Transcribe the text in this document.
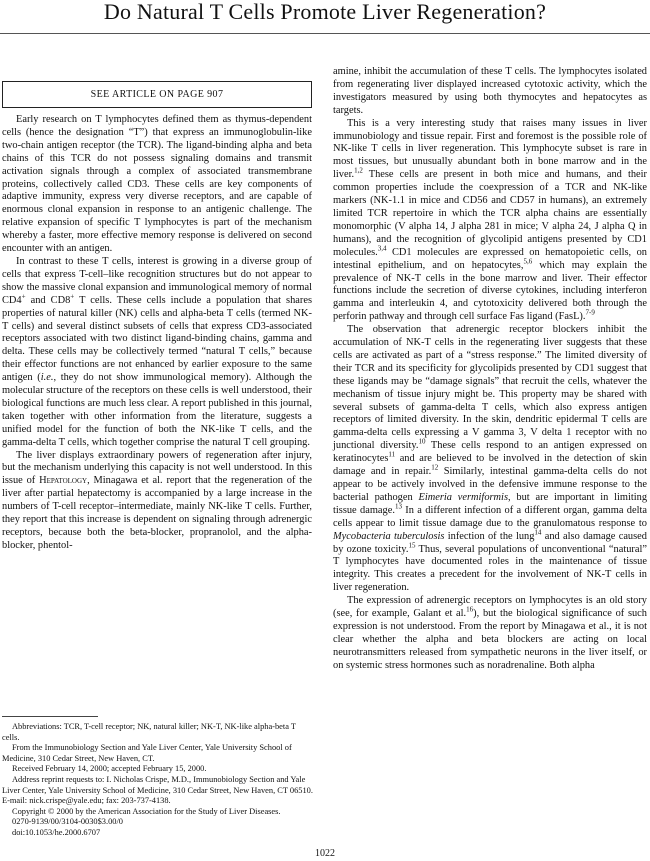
Do Natural T Cells Promote Liver Regeneration?
SEE ARTICLE ON PAGE 907

Early research on T lymphocytes defined them as thymus-dependent cells (hence the designation “T”) that express an immunoglobulin-like two-chain antigen receptor (the TCR). The ligand-binding alpha and beta chains of this TCR do not possess signaling domains and transmit activation signals through a complex of associated transmembrane proteins, collectively called CD3. These cells are key components of adaptive immunity, express very diverse receptors, and are capable of enormous clonal expansion in response to an antigenic challenge. The relative expansion of specific T lymphocytes is part of the mechanism whereby a faster, more effective memory response is delivered on second encounter with an antigen.

In contrast to these T cells, interest is growing in a diverse group of cells that express T-cell–like recognition structures but do not appear to show the massive clonal expansion and immunological memory of normal CD4+ and CD8+ T cells. These cells include a population that shares properties of natural killer (NK) cells and alpha-beta T cells (termed NK-T cells) and several distinct subsets of cells that express CD3-associated receptors associated with two distinct ligand-binding chains, gamma and delta. These cells may be collectively termed “natural T cells,” because their effector functions are not enhanced by earlier exposure to the same antigen (i.e., they do not show immunological memory). Although the molecular structure of the receptors on these cells is well understood, their biological functions are much less clear. A report published in this journal, taken together with other information from the literature, suggests a unified model for the function of both the NK-like T cells, and the gamma-delta T cells, which together comprise the natural T cell grouping.

The liver displays extraordinary powers of regeneration after injury, but the mechanism underlying this capacity is not well understood. In this issue of Hepatology, Minagawa et al. report that the regeneration of the liver after partial hepatectomy is accompanied by a large increase in the numbers of T-cell receptor–intermediate, mainly NK-like T cells. Further, they report that this increase is dependent on signaling through adrenergic receptors, because both the beta-blocker, propranolol, and the alpha-blocker, phentol-

Abbreviations: TCR, T-cell receptor; NK, natural killer; NK-T, NK-like alpha-beta T cells.

From the Immunobiology Section and Yale Liver Center, Yale University School of Medicine, 310 Cedar Street, New Haven, CT.

Received February 14, 2000; accepted February 15, 2000.

Address reprint requests to: I. Nicholas Crispe, M.D., Immunobiology Section and Yale Liver Center, Yale University School of Medicine, 310 Cedar Street, New Haven, CT 06510. E-mail: nick.crispe@yale.edu; fax: 203-737-4138.

Copyright © 2000 by the American Association for the Study of Liver Diseases.

0270-9139/00/3104-0030$3.00/0

doi:10.1053/he.2000.6707

amine, inhibit the accumulation of these T cells. The lymphocytes isolated from regenerating liver displayed increased cytotoxic activity, which the investigators measured by using both thymocytes and hepatocytes as targets.

This is a very interesting study that raises many issues in liver immunobiology and tissue repair. First and foremost is the possible role of NK-like T cells in liver regeneration. This lymphocyte subset is rare in most tissues, but unusually abundant both in bone marrow and in the liver.$^{1,2}$ These cells are present in both mice and humans, and their common properties include the coexpression of a TCR and NK-like markers (NK-1.1 in mice and CD56 and CD57 in humans), an extremely limited TCR repertoire in which the TCR alpha chains are essentially monomorphic (V alpha 14, J alpha 281 in mice; V alpha 24, J alpha Q in humans), and the recognition of glycolipid antigens presented by CD1 molecules.$^{3,4}$ CD1 molecules are expressed on hematopoietic cells, on intestinal epithelium, and on hepatocytes,$^{5,6}$ which may explain the prevalence of NK-T cells in the bone marrow and liver. Their effector functions include the secretion of diverse cytokines, including interferon gamma and interleukin 4, and cytotoxicity delivered both through the perforin pathway and through cell surface Fas ligand (FasL).$^{7-9}$

The observation that adrenergic receptor blockers inhibit the accumulation of NK-T cells in the regenerating liver suggests that these cells are activated as part of a “stress response.” The limited diversity of their TCR and its specificity for glycolipids presented by CD1 suggest that these ligands may be “damage signals” that recruit the cells, whatever the mechanism of tissue injury might be. This property may be shared with several subsets of gamma-delta T cells, which also express antigen receptors of limited diversity. In the skin, dendritic epidermal T cells are gamma-delta cells expressing a V gamma 3, V delta 1 receptor with no junctional diversity.$^{10}$ These cells respond to an antigen expressed on keratinocytes$^{11}$ and are believed to be involved in the detection of skin damage and in repair.$^{12}$ Similarly, intestinal gamma-delta cells do not appear to be actively involved in the defensive immune response to the bacterial pathogen Eimeria vermiformis, but are important in limiting tissue damage.$^{13}$ In a different infection of a different organ, gamma delta cells appear to limit tissue damage due to the granulomatous response to Mycobacteria tuberculosis infection of the lung$^{14}$ and also damage caused by ozone toxicity.$^{15}$ Thus, several populations of unconventional “natural” T lymphocytes have documented roles in the maintenance of tissue integrity. This creates a precedent for the involvement of NK-T cells in liver regeneration.

The expression of adrenergic receptors on lymphocytes is an old story (see, for example, Galant et al.$^{16}$), but the biological significance of such expression is not understood. From the report by Minagawa et al., it is not clear whether the alpha and beta blockers are acting on local neurotransmitters released from sympathetic neurons in the liver itself, or on systemic stress hormones such as noradrenaline. Both alpha

1022
